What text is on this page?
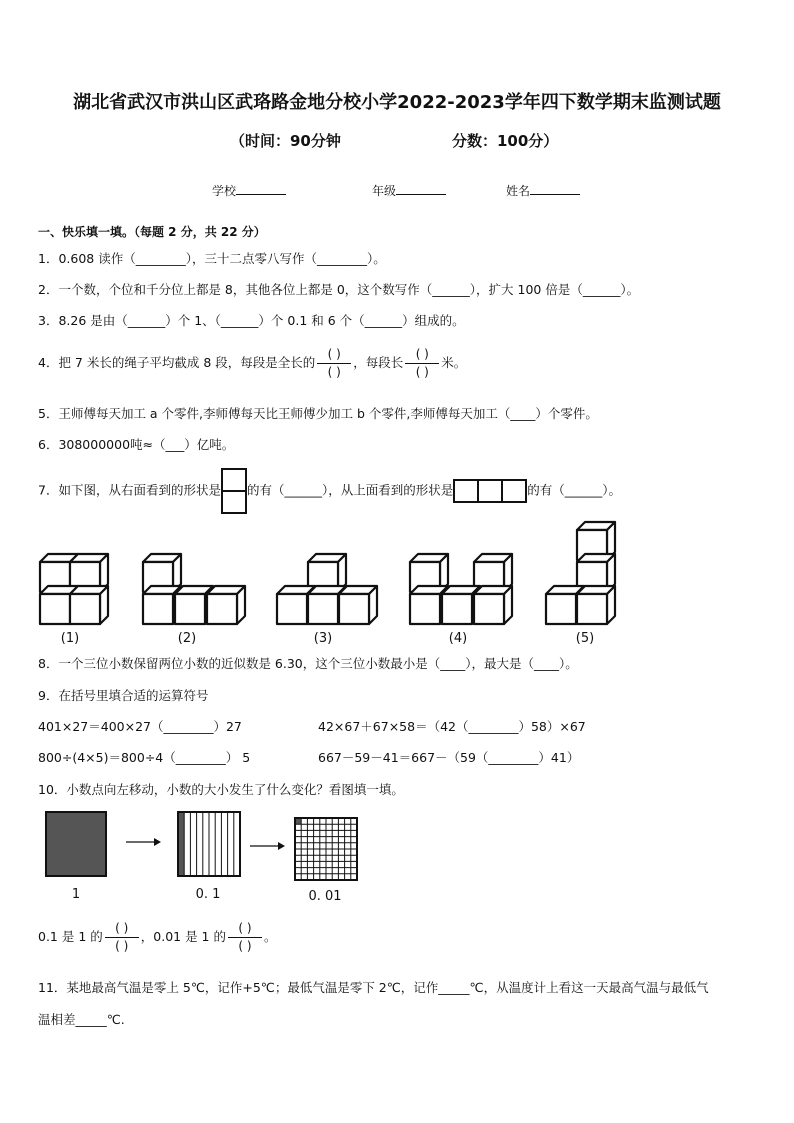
湖北省武汉市洪山区武珞路金地分校小学2022-2023学年四下数学期末监测试题
（时间：90分钟	分数：100分）
学校	年级	姓名
一、快乐填一填。（每题 2 分，共 22 分）
1．0.608 读作（________），三十二点零八写作（________）。
2．一个数，个位和千分位上都是 8，其他各位上都是 0，这个数写作（______），扩大 100 倍是（______）。
3．8.26 是由（______）个 1、（______）个 0.1 和 6 个（______）组成的。
4．把 7 米长的绳子平均截成 8 段，每段是全长的 $\frac{( )}{( )}$ ，每段长 $\frac{( )}{( )}$ 米。
5．王师傅每天加工 a 个零件,李师傅每天比王师傅少加工 b 个零件,李师傅每天加工（____）个零件。
6．308000000吨≈（___）亿吨。
7．如下图，从右面看到的形状是 的有（______），从上面看到的形状是	的有（______）。
(1)	(2)	(3)	(4)	(5)
8．一个三位小数保留两位小数的近似数是 6.30，这个三位小数最小是（____），最大是（____）。
9．在括号里填合适的运算符号
401×27＝400×27（________）27	42×67＋67×58＝（42（________）58）×67
800÷(4×5)＝800÷4（________） 5	667－59－41＝667－（59（________）41）
10．小数点向左移动，小数的大小发生了什么变化？看图填一填。
1	0. 1	0. 01
0.1 是 1 的 $\frac{( )}{( )}$ ，0.01 是 1 的 $\frac{( )}{( )}$ 。
11．某地最高气温是零上 5℃，记作+5℃；最低气温是零下 2℃，记作_____℃，从温度计上看这一天最高气温与最低气
温相差_____℃.
